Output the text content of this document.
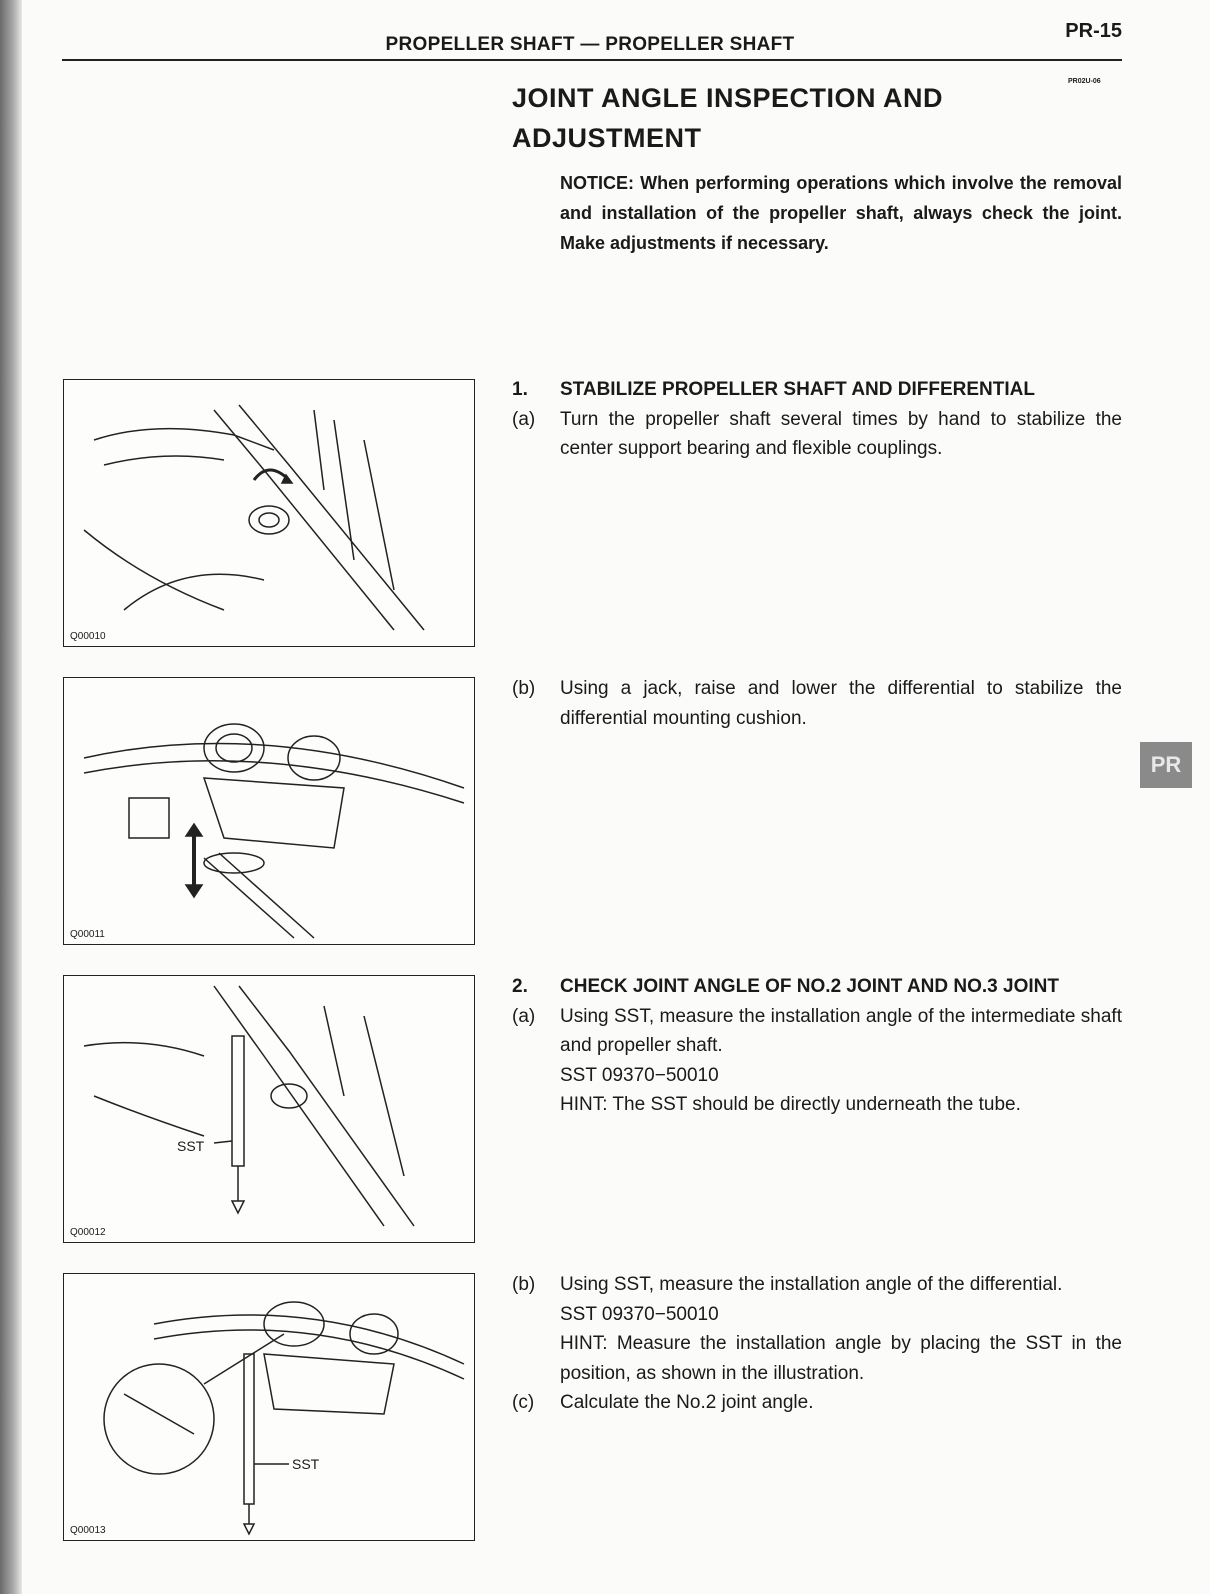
PROPELLER SHAFT — PROPELLER SHAFT
PR-15
PR02U-06
JOINT ANGLE INSPECTION AND
ADJUSTMENT
NOTICE: When performing operations which involve the removal and installation of the propeller shaft, always check the joint. Make adjustments if necessary.
1.	STABILIZE PROPELLER SHAFT AND DIFFERENTIAL
(a)	Turn the propeller shaft several times by hand to stabilize the center support bearing and flexible couplings.
(b)	Using a jack, raise and lower the differential to stabilize the differential mounting cushion.
2.	CHECK JOINT ANGLE OF NO.2 JOINT AND NO.3 JOINT
(a)	Using SST, measure the installation angle of the intermediate shaft and propeller shaft.
SST 09370−50010
HINT: The SST should be directly underneath the tube.
(b)	Using SST, measure the installation angle of the differential.
SST 09370−50010
HINT: Measure the installation angle by placing the SST in the position, as shown in the illustration.
(c)	Calculate the No.2 joint angle.
Q00010
Q00011
SST
Q00012
SST
Q00013
PR
